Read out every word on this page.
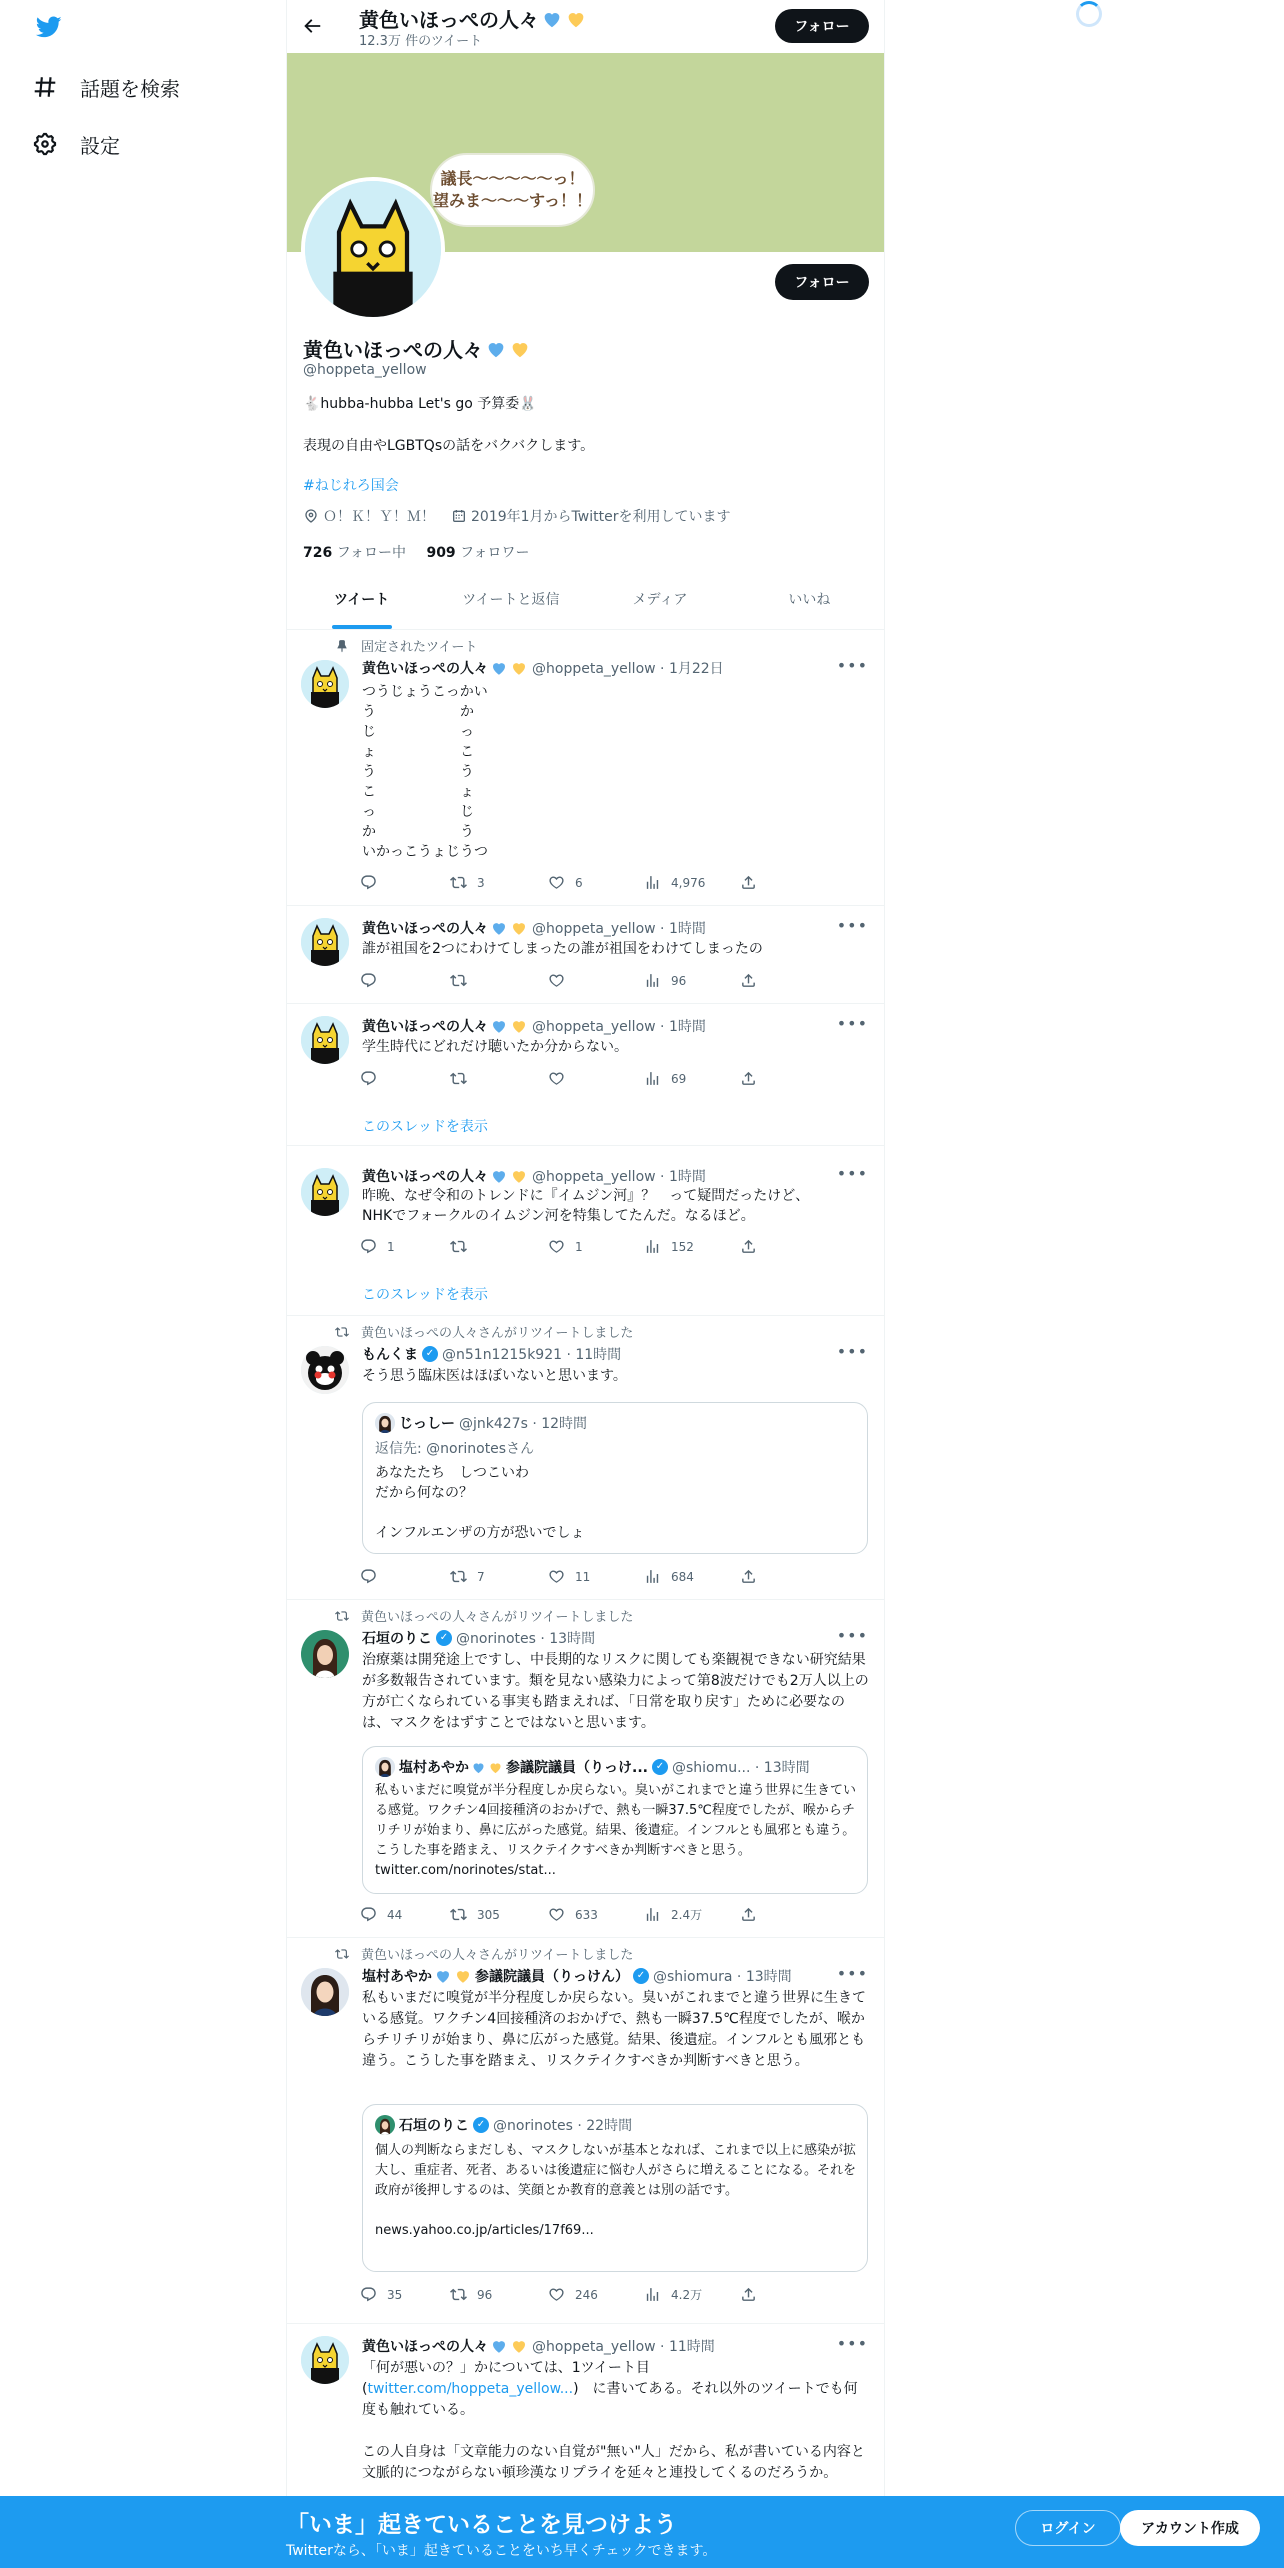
話題を検索
設定
黄色いほっぺの人々
12.3万 件のツイート
フォロー
議長〜〜〜〜〜っ！
望みま〜〜〜すっ！！
フォロー
黄色いほっぺの人々
@hoppeta_yellow
🐇hubba-hubba Let's go 予算委🐰
表現の自由やLGBTQsの話をバクバクします。
#ねじれろ国会
Ｏ！Ｋ！Ｙ！Ｍ！	2019年1月からTwitterを利用しています
726 フォロー中 909 フォロワー
ツイート	ツイートと返信	メディア	いいね
固定されたツイート
黄色いほっぺの人々	@hoppeta_yellow · 1月22日	•••
つうじょうこっかい
う　　　　　　か
じ　　　　　　っ
ょ　　　　　　こ
う　　　　　　う
こ　　　　　　ょ
っ　　　　　　じ
か　　　　　　う
いかっこうょじうつ
3	6	4,976
黄色いほっぺの人々	@hoppeta_yellow · 1時間	•••
誰が祖国を2つにわけてしまったの誰が祖国をわけてしまったの
96
黄色いほっぺの人々	@hoppeta_yellow · 1時間	•••
学生時代にどれだけ聴いたか分からない。
69
このスレッドを表示
黄色いほっぺの人々	@hoppeta_yellow · 1時間	•••
昨晩、なぜ令和のトレンドに『イムジン河』？　って疑問だったけど、
NHKでフォークルのイムジン河を特集してたんだ。なるほど。
1	1	152
このスレッドを表示
黄色いほっぺの人々さんがリツイートしました
もんくま ✓ @n51n1215k921 · 11時間	•••
そう思う臨床医はほぼいないと思います。
じっしー @jnk427s · 12時間
返信先: @norinotesさん
あなたたち　しつこいわ
だから何なの？

インフルエンザの方が恐いでしょ
7	11	684
黄色いほっぺの人々さんがリツイートしました
石垣のりこ ✓ @norinotes · 13時間	•••
治療薬は開発途上ですし、中長期的なリスクに関しても楽観視できない研究結果が多数報告されています。類を見ない感染力によって第8波だけでも2万人以上の方が亡くなられている事実も踏まえれば、「日常を取り戻す」ために必要なのは、マスクをはずすことではないと思います。
塩村あやか	参議院議員（りっけ... ✓ @shiomu... · 13時間
私もいまだに嗅覚が半分程度しか戻らない。臭いがこれまでと違う世界に生きている感覚。ワクチン4回接種済のおかげで、熱も一瞬37.5℃程度でしたが、喉からチリチリが始まり、鼻に広がった感覚。結果、後遺症。インフルとも風邪とも違う。こうした事を踏まえ、リスクテイクすべきか判断すべきと思う。 twitter.com/norinotes/stat...
44	305	633	2.4万
黄色いほっぺの人々さんがリツイートしました
塩村あやか	参議院議員（りっけん） ✓ @shiomura · 13時間	•••
私もいまだに嗅覚が半分程度しか戻らない。臭いがこれまでと違う世界に生きている感覚。ワクチン4回接種済のおかげで、熱も一瞬37.5℃程度でしたが、喉からチリチリが始まり、鼻に広がった感覚。結果、後遺症。インフルとも風邪とも違う。こうした事を踏まえ、リスクテイクすべきか判断すべきと思う。
石垣のりこ ✓ @norinotes · 22時間
個人の判断ならまだしも、マスクしないが基本となれば、これまで以上に感染が拡大し、重症者、死者、あるいは後遺症に悩む人がさらに増えることになる。それを政府が後押しするのは、笑顔とか教育的意義とは別の話です。

news.yahoo.co.jp/articles/17f69...
35	96	246	4.2万
黄色いほっぺの人々	@hoppeta_yellow · 11時間	•••
「何が悪いの？」かについては、1ツイート目
(twitter.com/hoppeta_yellow...)　に書いてある。それ以外のツイートでも何度も触れている。

この人自身は「文章能力のない自覚が"無い"人」だから、私が書いている内容と文脈的につながらない頓珍漢なリプライを延々と連投してくるのだろうか。
「いま」起きていることを見つけよう
Twitterなら、「いま」起きていることをいち早くチェックできます。
ログイン	アカウント作成
